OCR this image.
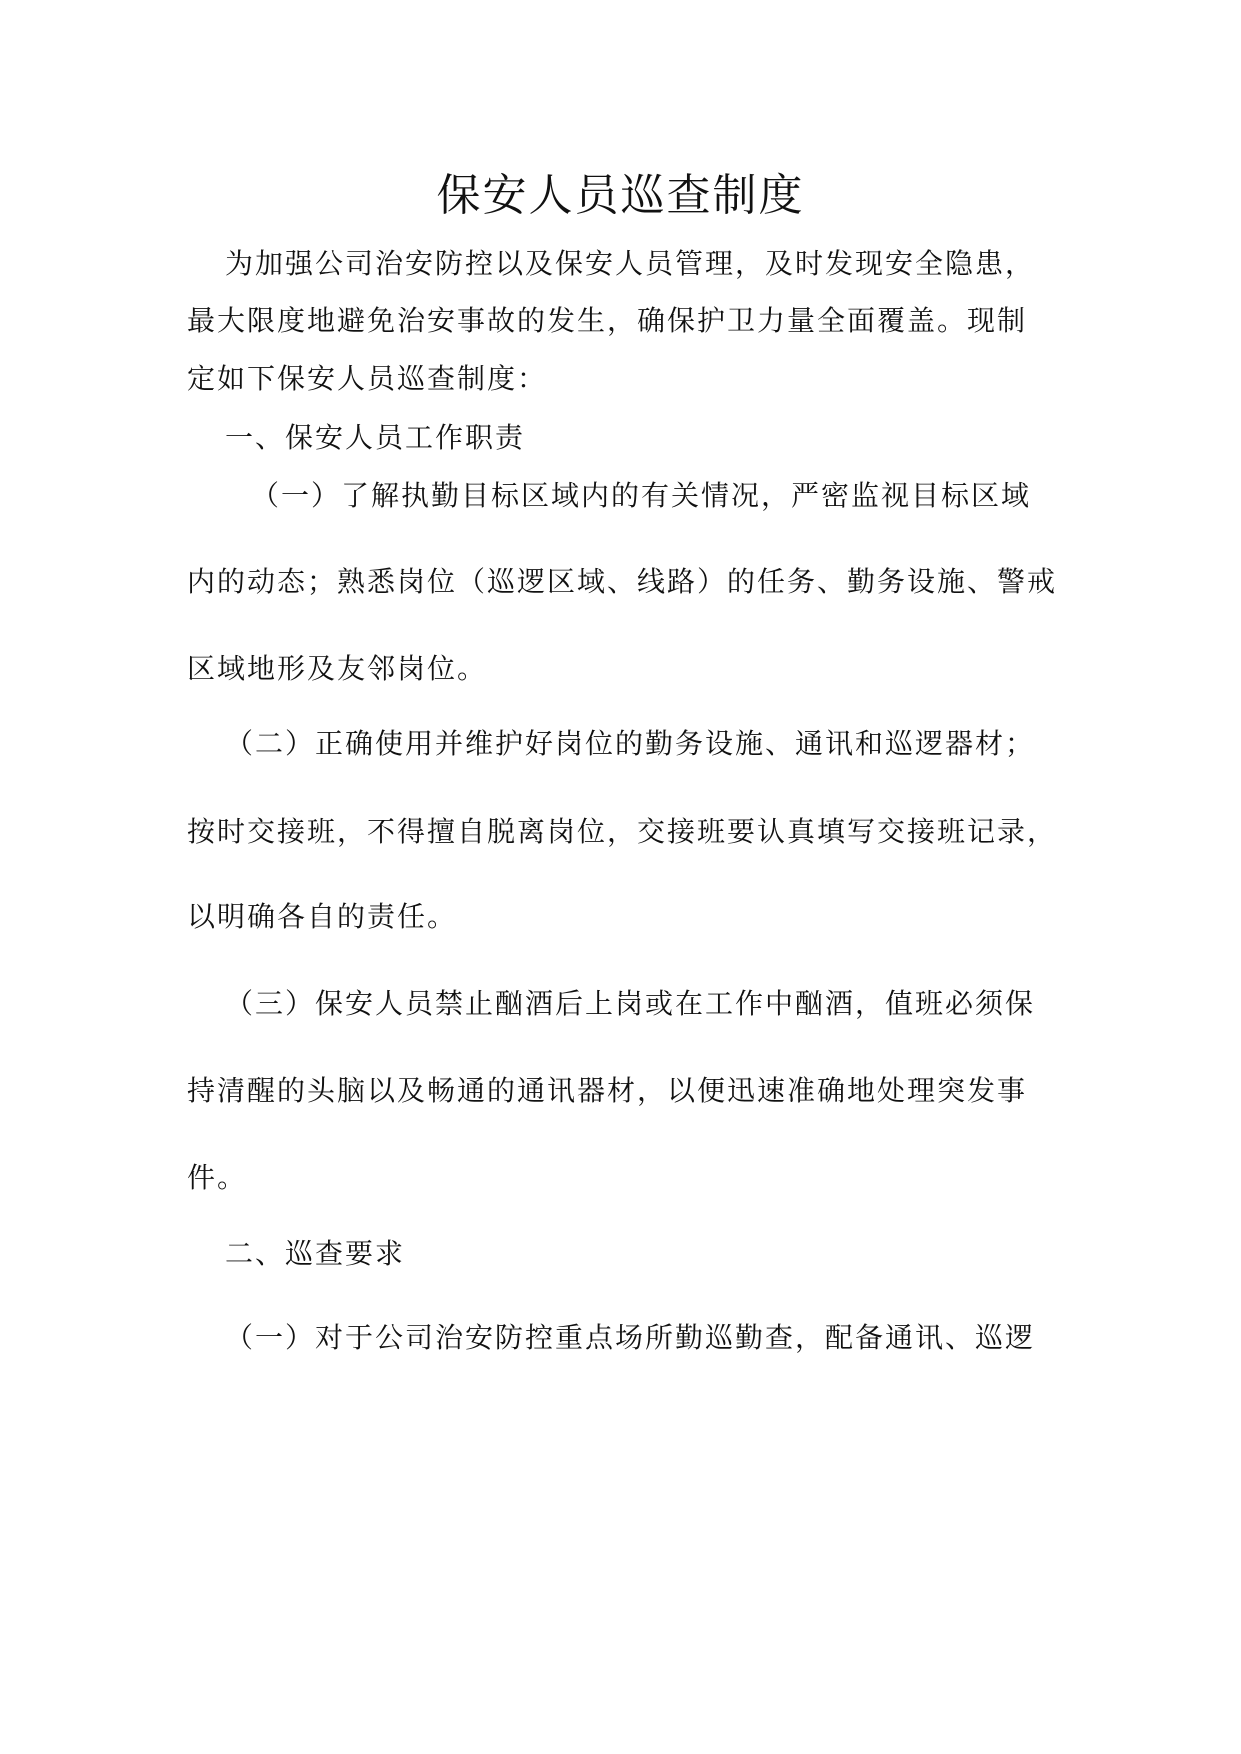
保安人员巡查制度
为加强公司治安防控以及保安人员管理，及时发现安全隐患，
最大限度地避免治安事故的发生，确保护卫力量全面覆盖。现制
定如下保安人员巡查制度：
一、保安人员工作职责
（一）了解执勤目标区域内的有关情况，严密监视目标区域
内的动态；熟悉岗位（巡逻区域、线路）的任务、勤务设施、警戒
区域地形及友邻岗位。
（二）正确使用并维护好岗位的勤务设施、通讯和巡逻器材；
按时交接班，不得擅自脱离岗位，交接班要认真填写交接班记录，
以明确各自的责任。
（三）保安人员禁止酗酒后上岗或在工作中酗酒，值班必须保
持清醒的头脑以及畅通的通讯器材，以便迅速准确地处理突发事
件。
二、巡查要求
（一）对于公司治安防控重点场所勤巡勤查，配备通讯、巡逻
